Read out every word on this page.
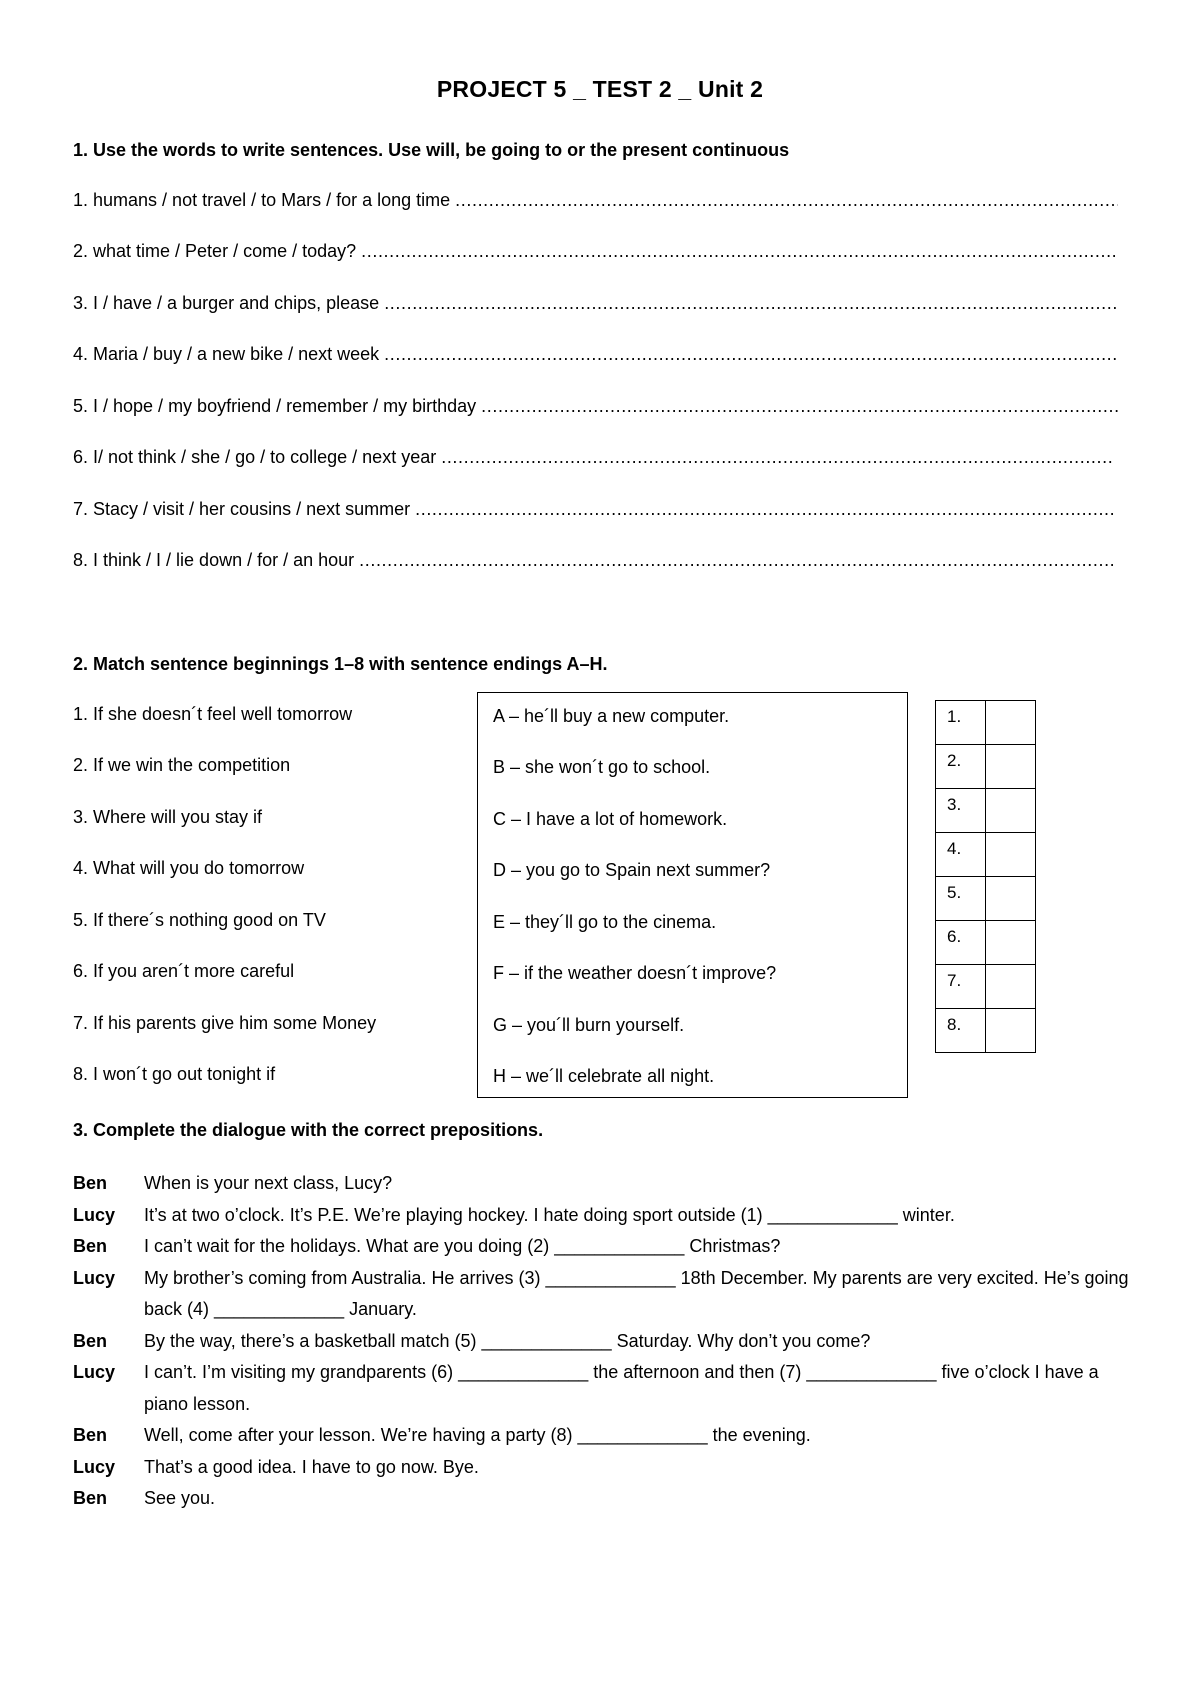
PROJECT 5 _ TEST 2 _ Unit 2
1. Use the words to write sentences. Use will, be going to or the present continuous
1. humans / not travel / to Mars / for a long time
.....
2. what time / Peter / come / today?
.....
3. I / have / a burger and chips, please
.....
4. Maria / buy / a new bike / next week
.....
5. I / hope / my boyfriend / remember / my birthday
.....
6. I/ not think / she / go / to college / next year
.....
7. Stacy / visit / her cousins / next summer
.....
8. I think / I / lie down / for / an hour
.....
2. Match sentence beginnings 1–8 with sentence endings A–H.
1. If she doesn´t feel well tomorrow
2. If we win the competition
3. Where will you stay if
4. What will you do tomorrow
5. If there´s nothing good on TV
6. If you aren´t more careful
7. If his parents give him some Money
8. I won´t go out tonight if
A – he´ll buy a new computer.
B – she won´t go to school.
C – I have a lot of homework.
D – you go to Spain next summer?
E – they´ll go to the cinema.
F – if the weather doesn´t improve?
G – you´ll burn yourself.
H – we´ll celebrate all night.
1.
2.
3.
4.
5.
6.
7.
8.
3. Complete the dialogue with the correct prepositions.
Ben	When is your next class, Lucy?
Lucy	It’s at two o’clock. It’s P.E. We’re playing hockey. I hate doing sport outside (1) _____________ winter.
Ben	I can’t wait for the holidays. What are you doing (2) _____________ Christmas?
Lucy	My brother’s coming from Australia. He arrives (3) _____________ 18th December. My parents are very excited. He’s going back (4) _____________ January.
Ben	By the way, there’s a basketball match (5) _____________ Saturday. Why don’t you come?
Lucy	I can’t. I’m visiting my grandparents (6) _____________ the afternoon and then (7) _____________ five o’clock I have a piano lesson.
Ben	Well, come after your lesson. We’re having a party (8) _____________ the evening.
Lucy	That’s a good idea. I have to go now. Bye.
Ben	See you.
